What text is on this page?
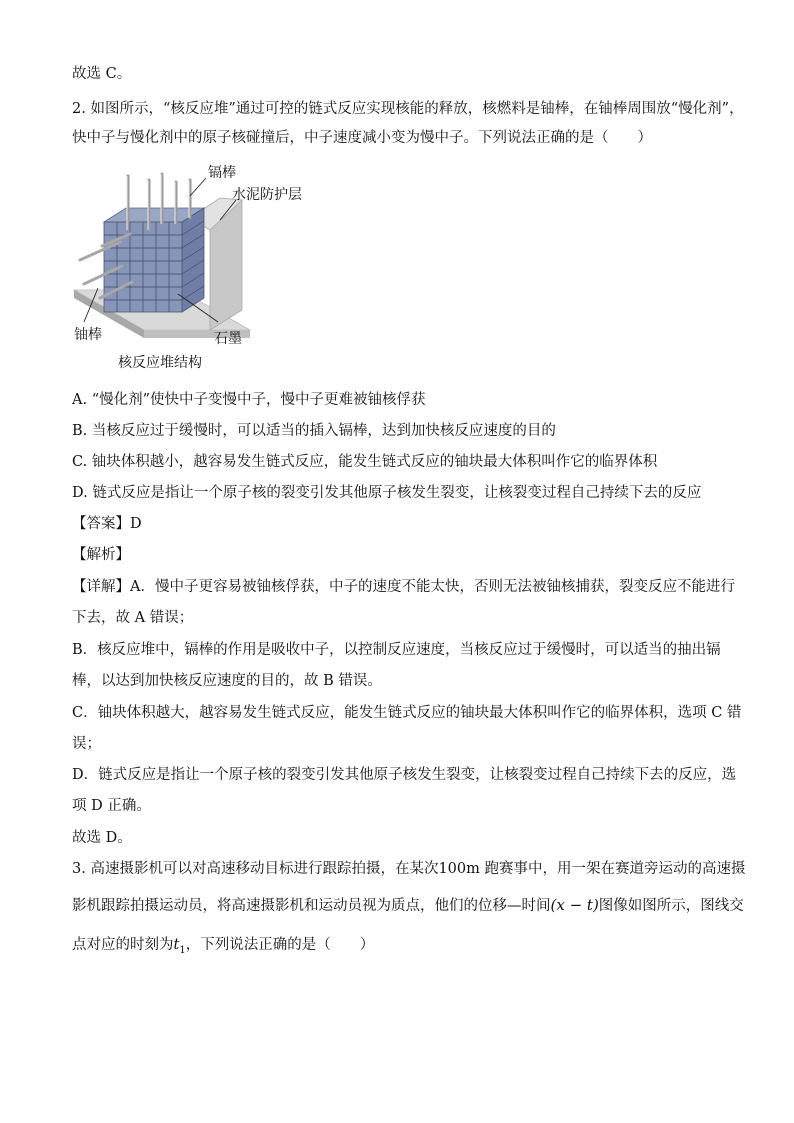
故选 C。
2. 如图所示，“核反应堆”通过可控的链式反应实现核能的释放，核燃料是铀棒，在铀棒周围放“慢化剂”，
快中子与慢化剂中的原子核碰撞后，中子速度减小变为慢中子。下列说法正确的是（　　）
镉棒
水泥防护层
铀棒	石墨
核反应堆结构
A. “慢化剂”使快中子变慢中子，慢中子更难被铀核俘获
B. 当核反应过于缓慢时，可以适当的插入镉棒，达到加快核反应速度的目的
C. 铀块体积越小，越容易发生链式反应，能发生链式反应的铀块最大体积叫作它的临界体积
D. 链式反应是指让一个原子核的裂变引发其他原子核发生裂变，让核裂变过程自己持续下去的反应
【答案】D
【解析】
【详解】A．慢中子更容易被铀核俘获，中子的速度不能太快，否则无法被铀核捕获，裂变反应不能进行
下去，故 A 错误；
B．核反应堆中，镉棒的作用是吸收中子，以控制反应速度，当核反应过于缓慢时，可以适当的抽出镉
棒，以达到加快核反应速度的目的，故 B 错误。
C．铀块体积越大，越容易发生链式反应，能发生链式反应的铀块最大体积叫作它的临界体积，选项 C 错
误；
D．链式反应是指让一个原子核的裂变引发其他原子核发生裂变，让核裂变过程自己持续下去的反应，选
项 D 正确。
故选 D。
3. 高速摄影机可以对高速移动目标进行跟踪拍摄，在某次100m 跑赛事中，用一架在赛道旁运动的高速摄
影机跟踪拍摄运动员，将高速摄影机和运动员视为质点，他们的位移—时间(x − t)图像如图所示，图线交
点对应的时刻为$t_1$，下列说法正确的是（　　）
